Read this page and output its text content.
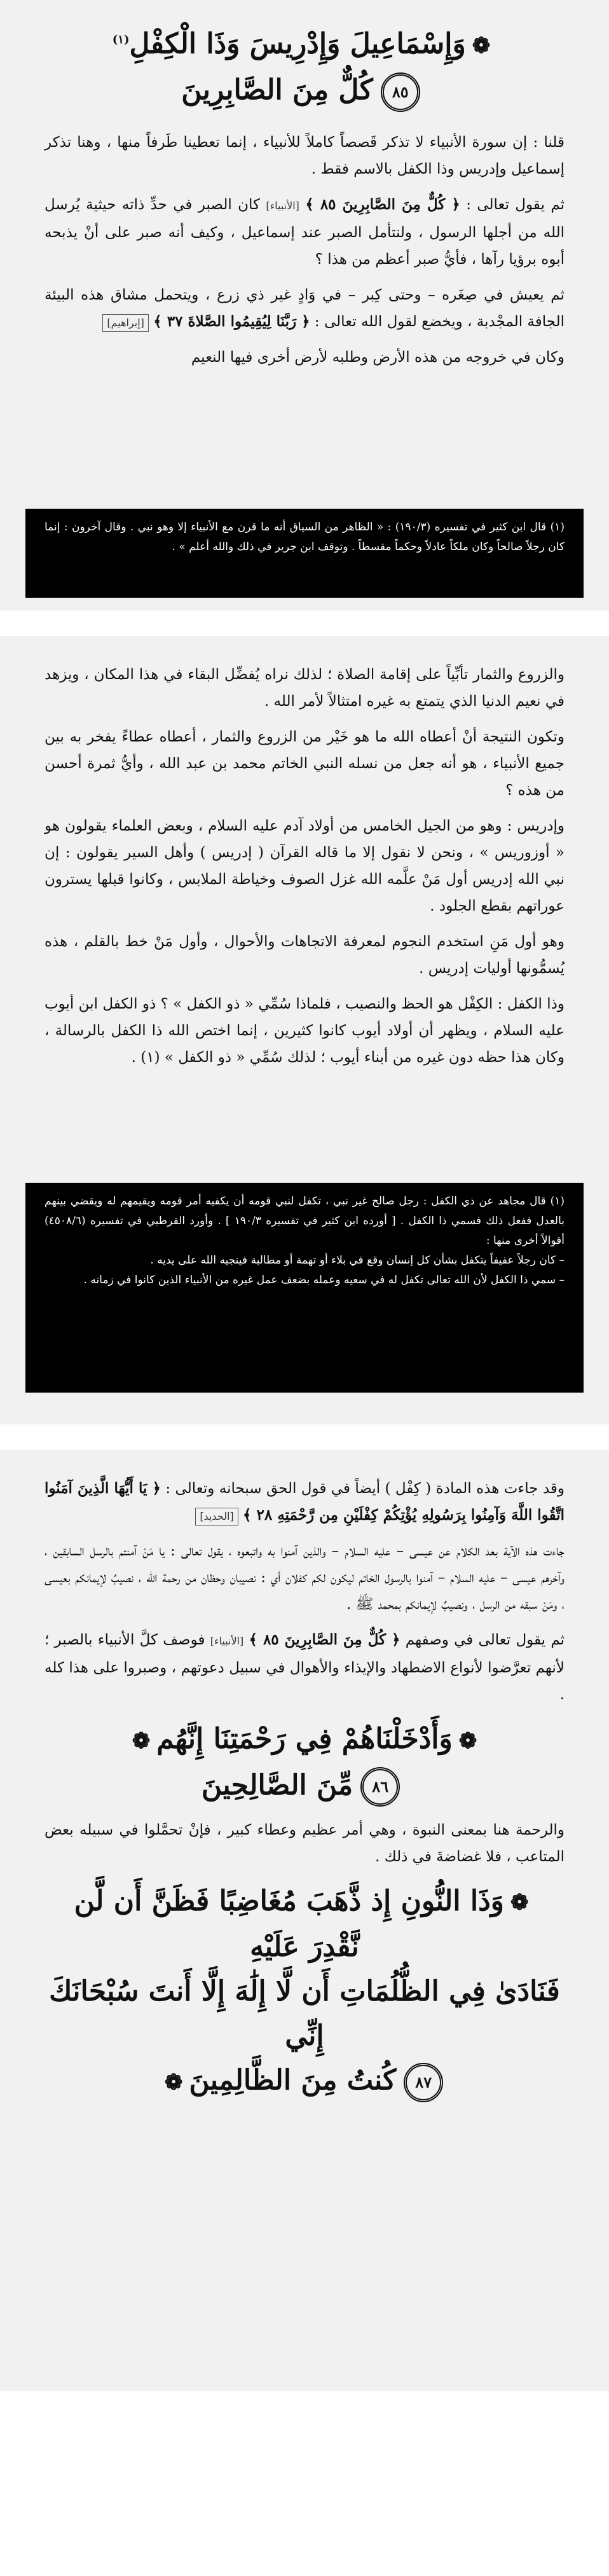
❁وَإِسْمَاعِيلَ وَإِدْرِيسَ وَذَا الْكِفْلِ$^{(١)}$
٨٥كُلٌّ مِنَ الصَّابِرِينَ

قلنا : إن سورة الأنبياء لا تذكر قَصصاً كاملاً للأنبياء ، إنما تعطينا طَرفاً منها ، وهنا تذكر إسماعيل وإدريس وذا الكفل بالاسم فقط .

ثم يقول تعالى : ﴿ كُلٌّ مِنَ الصَّابِرِينَ ٨٥ ﴾ [الأنبياء] كان الصبر في حدِّ ذاته حيثية يُرسل الله من أجلها الرسول ، ولنتأمل الصبر عند إسماعيل ، وكيف أنه صبر على أنْ يذبحه أبوه برؤيا رآها ، فأيُّ صبر أعظم من هذا ؟

ثم يعيش في صِغَره – وحتى كِبر – في وَادٍ غير ذي زرع ، ويتحمل مشاق هذه البيئة الجافة المجْدبة ، ويخضع لقول الله تعالى : ﴿ رَبَّنَا لِيُقِيمُوا الصَّلاةَ ٣٧ ﴾ [إبراهيم]

وكان في خروجه من هذه الأرض وطلبه لأرض أخرى فيها النعيم

(١) قال ابن كثير في تفسيره (١٩٠/٣) : « الظاهر من السياق أنه ما قرن مع الأنبياء إلا وهو نبي . وقال آخرون : إنما كان رجلاً صالحاً وكان ملكاً عادلاً وحكماً مقسطاً . وتوقف ابن جرير في ذلك والله أعلم » .

والزروع والثمار تأبِّياً على إقامة الصلاة ؛ لذلك نراه يُفضِّل البقاء في هذا المكان ، ويزهد في نعيم الدنيا الذي يتمتع به غيره امتثالاً لأمر الله .

وتكون النتيجة أنْ أعطاه الله ما هو خَيْر من الزروع والثمار ، أعطاه عطاءً يفخر به بين جميع الأنبياء ، هو أنه جعل من نسله النبي الخاتم محمد بن عبد الله ، وأيُّ ثمرة أحسن من هذه ؟

وإدريس : وهو من الجيل الخامس من أولاد آدم عليه السلام ، وبعض العلماء يقولون هو « أوزوريس » ، ونحن لا نقول إلا ما قاله القرآن ( إدريس ) وأهل السير يقولون : إن نبي الله إدريس أول مَنْ علَّمه الله غزل الصوف وخياطة الملابس ، وكانوا قبلها يسترون عوراتهم بقطع الجلود .

وهو أول مَنِ استخدم النجوم لمعرفة الاتجاهات والأحوال ، وأول مَنْ خط بالقلم ، هذه يُسمُّونها أوليات إدريس .

وذا الكفل : الكِفْل هو الحظ والنصيب ، فلماذا سُمِّي « ذو الكفل » ؟ ذو الكفل ابن أيوب عليه السلام ، ويظهر أن أولاد أيوب كانوا كثيرين ، إنما اختص الله ذا الكفل بالرسالة ، وكان هذا حظه دون غيره من أبناء أيوب ؛ لذلك سُمِّي « ذو الكفل » (١) .

(١) قال مجاهد عن ذي الكفل : رجل صالح غير نبي ، تكفل لنبي قومه أن يكفيه أمر قومه ويقيمهم له ويقضي بينهم بالعدل ففعل ذلك فسمي ذا الكفل . [ أورده ابن كثير في تفسيره ١٩٠/٣ ] . وأورد القرطبي في تفسيره (٤٥٠٨/٦) أقوالاً أخرى منها :

– كان رجلاً عفيفاً يتكفل بشأن كل إنسان وقع في بلاء أو تهمة أو مطالبة فينجيه الله على يديه .

– سمي ذا الكفل لأن الله تعالى تكفل له في سعيه وعمله بضعف عمل غيره من الأنبياء الذين كانوا في زمانه .

وقد جاءت هذه المادة ( كِفْل ) أيضاً في قول الحق سبحانه وتعالى : ﴿ يَا أَيُّهَا الَّذِينَ آمَنُوا اتَّقُوا اللَّهَ وَآمِنُوا بِرَسُولِهِ يُؤْتِكُمْ كِفْلَيْنِ مِن رَّحْمَتِهِ ٢٨ ﴾ [الحديد]

جاءت هذه الآية بعد الكلام عن عيسى – عليه السلام – والذين آمنوا به واتبعوه ، يقول تعالى : يا مَنْ آمنتم بالرسل السابقين ، وآخرهم عيسى – عليه السلام – آمنوا بالرسول الخاتم ليكون لكم كفلان أي : نصيبان وحظان من رحمة الله ، نصيبٌ لإيمانكم بعيسى ، ومَنْ سبقه من الرسل ، ونصيبٌ لإيمانكم بمحمد ﷺ .

ثم يقول تعالى في وصفهم ﴿ كُلٌّ مِنَ الصَّابِرِينَ ٨٥ ﴾ [الأنبياء] فوصف كلَّ الأنبياء بالصبر ؛ لأنهم تعرَّضوا لأنواع الاضطهاد والإيذاء والأهوال في سبيل دعوتهم ، وصبروا على هذا كله .

❁وَأَدْخَلْنَاهُمْ فِي رَحْمَتِنَا إِنَّهُم❁
٨٦مِّنَ الصَّالِحِينَ

والرحمة هنا بمعنى النبوة ، وهي أمر عظيم وعطاء كبير ، فإنْ تحمَّلوا في سبيله بعض المتاعب ، فلا غضاضةَ في ذلك .

❁وَذَا النُّونِ إِذ ذَّهَبَ مُغَاضِبًا فَظَنَّ أَن لَّن نَّقْدِرَ عَلَيْهِ
فَنَادَىٰ فِي الظُّلُمَاتِ أَن لَّا إِلَٰهَ إِلَّا أَنتَ سُبْحَانَكَ إِنِّي
٨٧كُنتُ مِنَ الظَّالِمِينَ❁
